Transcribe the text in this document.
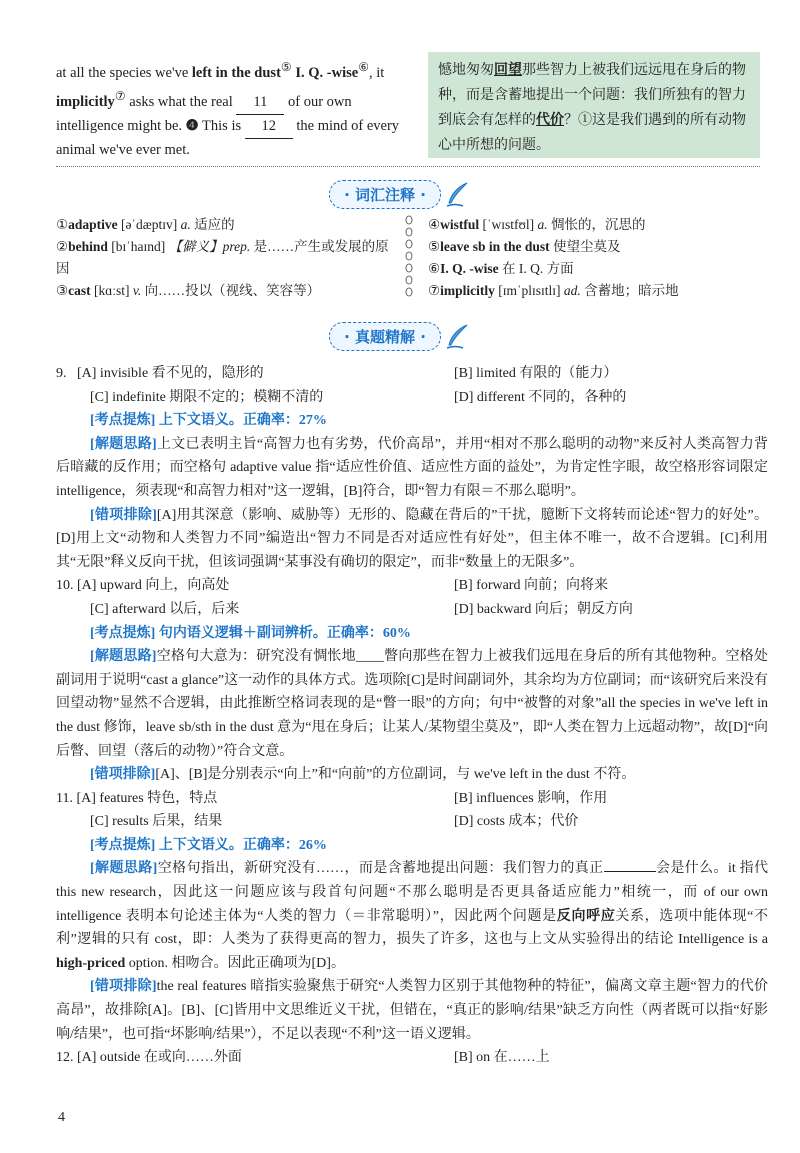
at all the species we've left in the dust⑤ I. Q. -wise⑥, it
implicitly⑦ asks what the real 11 of our own
intelligence might be. ❹ This is 12 the mind of every
animal we've ever met.
憾地匆匆回望那些智力上被我们远远甩在身后的物种，而是含蓄地提出一个问题：我们所独有的智力到底会有怎样的代价？①这是我们遇到的所有动物心中所想的问题。
· 词汇注释 ·
①adaptive [əˈdæptɪv] a. 适应的
②behind [bɪˈhaɪnd] 【僻义】prep. 是……产生或发展的原因
③cast [kɑːst] v. 向……投以（视线、笑容等）
④wistful [ˈwɪstfʊl] a. 惆怅的，沉思的
⑤leave sb in the dust 使望尘莫及
⑥I. Q. -wise 在 I. Q. 方面
⑦implicitly [ɪmˈplɪsɪtlɪ] ad. 含蓄地；暗示地
· 真题精解 ·
9. [A] invisible 看不见的，隐形的	[B] limited 有限的（能力）
[C] indefinite 期限不定的；模糊不清的	[D] different 不同的，各种的
[考点提炼] 上下文语义。正确率：27%
[解题思路]上文已表明主旨“高智力也有劣势，代价高昂”，并用“相对不那么聪明的动物”来反衬人类高智力背后暗藏的反作用；而空格句 adaptive value 指“适应性价值、适应性方面的益处”，为肯定性字眼，故空格形容词限定 intelligence，须表现“和高智力相对”这一逻辑，[B]符合，即“智力有限＝不那么聪明”。
[错项排除][A]用其深意（影响、威胁等）无形的、隐藏在背后的”干扰，臆断下文将转而论述“智力的好处”。[D]用上文“动物和人类智力不同”编造出“智力不同是否对适应性有好处”，但主体不唯一，故不合逻辑。[C]利用其“无限”释义反向干扰，但该词强调“某事没有确切的限定”，而非“数量上的无限多”。
10. [A] upward 向上，向高处	[B] forward 向前；向将来
[C] afterward 以后，后来	[D] backward 向后；朝反方向
[考点提炼] 句内语义逻辑＋副词辨析。正确率：60%
[解题思路]空格句大意为：研究没有惆怅地____瞥向那些在智力上被我们远甩在身后的所有其他物种。空格处副词用于说明“cast a glance”这一动作的具体方式。选项除[C]是时间副词外，其余均为方位副词；而“该研究后来没有回望动物”显然不合逻辑，由此推断空格词表现的是“瞥一眼”的方向；句中“被瞥的对象”all the species in we've left in the dust 修饰，leave sb/sth in the dust 意为“甩在身后；让某人/某物望尘莫及”，即“人类在智力上远超动物”，故[D]“向后瞥、回望（落后的动物）”符合文意。
[错项排除][A]、[B]是分别表示“向上”和“向前”的方位副词，与 we've left in the dust 不符。
11. [A] features 特色，特点	[B] influences 影响，作用
[C] results 后果，结果	[D] costs 成本；代价
[考点提炼] 上下文语义。正确率：26%
[解题思路]空格句指出，新研究没有……，而是含蓄地提出问题：我们智力的真正	会是什么。it 指代 this new research，因此这一问题应该与段首句问题“不那么聪明是否更具备适应能力”相统一，而 of our own intelligence 表明本句论述主体为“人类的智力（＝非常聪明）”，因此两个问题是反向呼应关系，选项中能体现“不利”逻辑的只有 cost，即：人类为了获得更高的智力，损失了许多，这也与上文从实验得出的结论 Intelligence is a high-priced option. 相吻合。因此正确项为[D]。
[错项排除]the real features 暗指实验聚焦于研究“人类智力区别于其他物种的特征”，偏离文章主题“智力的代价高昂”，故排除[A]。[B]、[C]皆用中文思维近义干扰，但错在，“真正的影响/结果”缺乏方向性（两者既可以指“好影响/结果”，也可指“坏影响/结果”），不足以表现“不利”这一语义逻辑。
12. [A] outside 在或向……外面	[B] on 在……上
4
